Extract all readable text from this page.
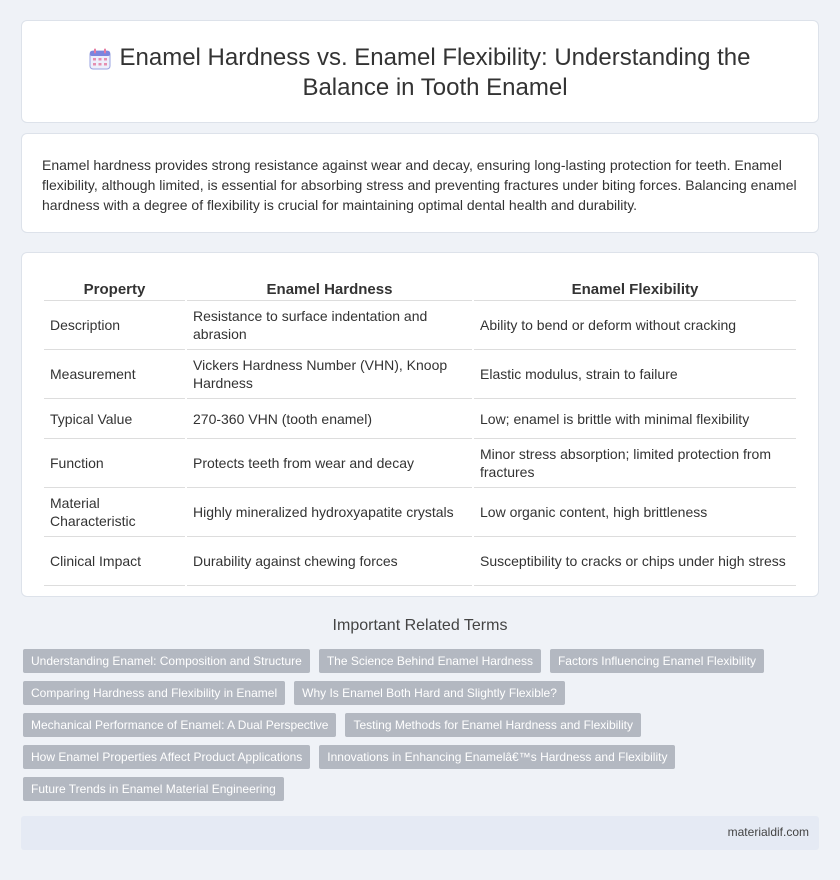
Enamel Hardness vs. Enamel Flexibility: Understanding the Balance in Tooth Enamel

Enamel hardness provides strong resistance against wear and decay, ensuring long-lasting protection for teeth. Enamel flexibility, although limited, is essential for absorbing stress and preventing fractures under biting forces. Balancing enamel hardness with a degree of flexibility is crucial for maintaining optimal dental health and durability.

Property	Enamel Hardness	Enamel Flexibility
Description	Resistance to surface indentation and abrasion	Ability to bend or deform without cracking
Measurement	Vickers Hardness Number (VHN), Knoop Hardness	Elastic modulus, strain to failure
Typical Value	270-360 VHN (tooth enamel)	Low; enamel is brittle with minimal flexibility
Function	Protects teeth from wear and decay	Minor stress absorption; limited protection from fractures
Material Characteristic	Highly mineralized hydroxyapatite crystals	Low organic content, high brittleness
Clinical Impact	Durability against chewing forces	Susceptibility to cracks or chips under high stress
Important Related Terms
Understanding Enamel: Composition and Structure	The Science Behind Enamel Hardness	Factors Influencing Enamel Flexibility
Comparing Hardness and Flexibility in Enamel	Why Is Enamel Both Hard and Slightly Flexible?
Mechanical Performance of Enamel: A Dual Perspective	Testing Methods for Enamel Hardness and Flexibility
How Enamel Properties Affect Product Applications	Innovations in Enhancing Enamelâ€™s Hardness and Flexibility
Future Trends in Enamel Material Engineering
materialdif.com
